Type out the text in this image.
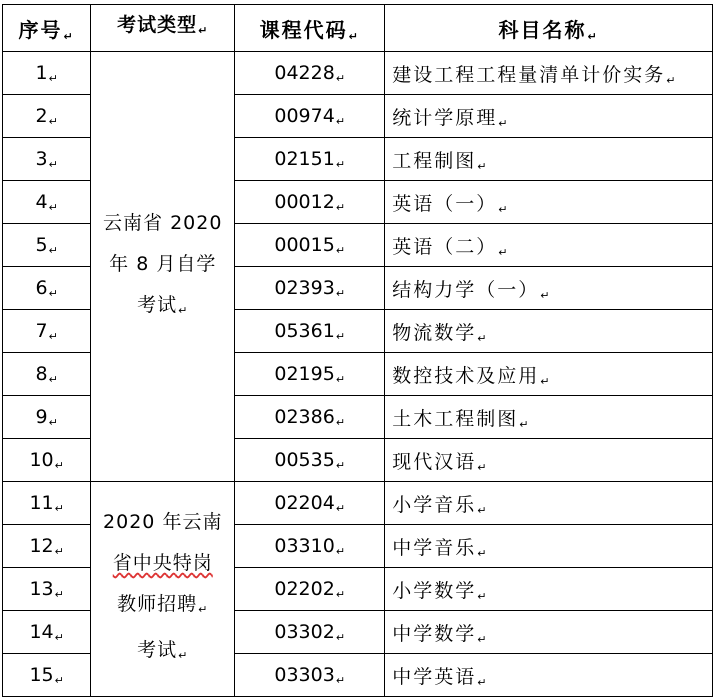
序号↵	考试类型↵	课程代码↵	科目名称↵
1↵	云南省 2020
年 8 月自学
考试↵	04228↵	建设工程工程量清单计价实务↵
2↵		00974↵	统计学原理↵
3↵		02151↵	工程制图↵
4↵		00012↵	英语（一）↵
5↵		00015↵	英语（二）↵
6↵		02393↵	结构力学（一）↵
7↵		05361↵	物流数学↵
8↵		02195↵	数控技术及应用↵
9↵		02386↵	土木工程制图↵
10↵		00535↵	现代汉语↵
11↵	2020 年云南
省中央特岗
教师招聘↵
考试↵	02204↵	小学音乐↵
12↵		03310↵	中学音乐↵
13↵		02202↵	小学数学↵
14↵		03302↵	中学数学↵
15↵		03303↵	中学英语↵
